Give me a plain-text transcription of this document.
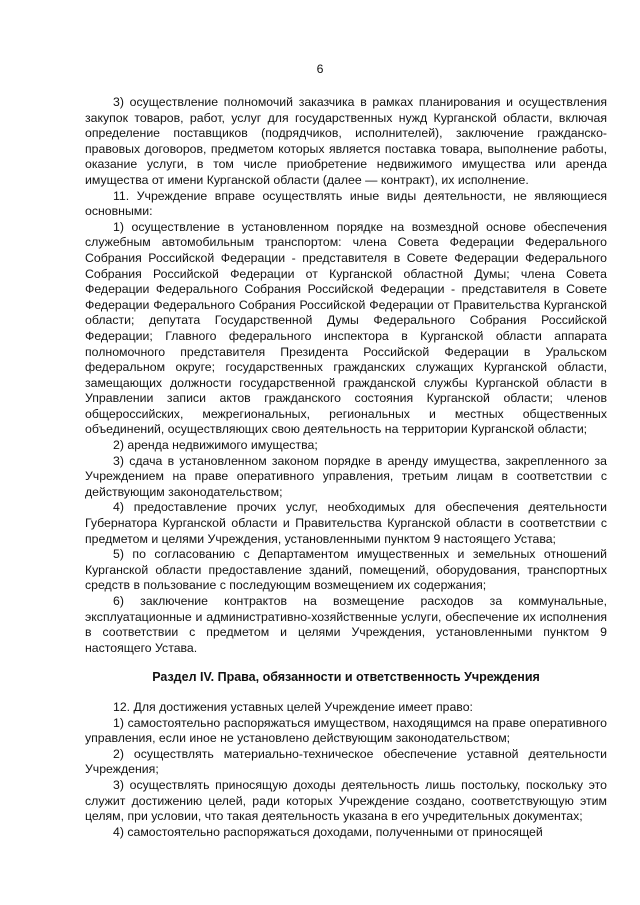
6

3) осуществление полномочий заказчика в рамках планирования и осуществления закупок товаров, работ, услуг для государственных нужд Курганской области, включая определение поставщиков (подрядчиков, исполнителей), заключение гражданско-правовых договоров, предметом которых является поставка товара, выполнение работы, оказание услуги, в том числе приобретение недвижимого имущества или аренда имущества от имени Курганской области (далее — контракт), их исполнение.

11. Учреждение вправе осуществлять иные виды деятельности, не являющиеся основными:

1) осуществление в установленном порядке на возмездной основе обеспечения служебным автомобильным транспортом: члена Совета Федерации Федерального Собрания Российской Федерации - представителя в Совете Федерации Федерального Собрания Российской Федерации от Курганской областной Думы; члена Совета Федерации Федерального Собрания Российской Федерации - представителя в Совете Федерации Федерального Собрания Российской Федерации от Правительства Курганской области; депутата Государственной Думы Федерального Собрания Российской Федерации; Главного федерального инспектора в Курганской области аппарата полномочного представителя Президента Российской Федерации в Уральском федеральном округе; государственных гражданских служащих Курганской области, замещающих должности государственной гражданской службы Курганской области в Управлении записи актов гражданского состояния Курганской области; членов общероссийских, межрегиональных, региональных и местных общественных объединений, осуществляющих свою деятельность на территории Курганской области;

2) аренда недвижимого имущества;

3) сдача в установленном законом порядке в аренду имущества, закрепленного за Учреждением на праве оперативного управления, третьим лицам в соответствии с действующим законодательством;

4) предоставление прочих услуг, необходимых для обеспечения деятельности Губернатора Курганской области и Правительства Курганской области в соответствии с предметом и целями Учреждения, установленными пунктом 9 настоящего Устава;

5) по согласованию с Департаментом имущественных и земельных отношений Курганской области предоставление зданий, помещений, оборудования, транспортных средств в пользование с последующим возмещением их содержания;

6) заключение контрактов на возмещение расходов за коммунальные, эксплуатационные и административно-хозяйственные услуги, обеспечение их исполнения в соответствии с предметом и целями Учреждения, установленными пунктом 9 настоящего Устава.

Раздел IV. Права, обязанности и ответственность Учреждения

12. Для достижения уставных целей Учреждение имеет право:

1) самостоятельно распоряжаться имуществом, находящимся на праве оперативного управления, если иное не установлено действующим законодательством;

2) осуществлять материально-техническое обеспечение уставной деятельности Учреждения;

3) осуществлять приносящую доходы деятельность лишь постольку, поскольку это служит достижению целей, ради которых Учреждение создано, соответствующую этим целям, при условии, что такая деятельность указана в его учредительных документах;

4) самостоятельно распоряжаться доходами, полученными от приносящей
